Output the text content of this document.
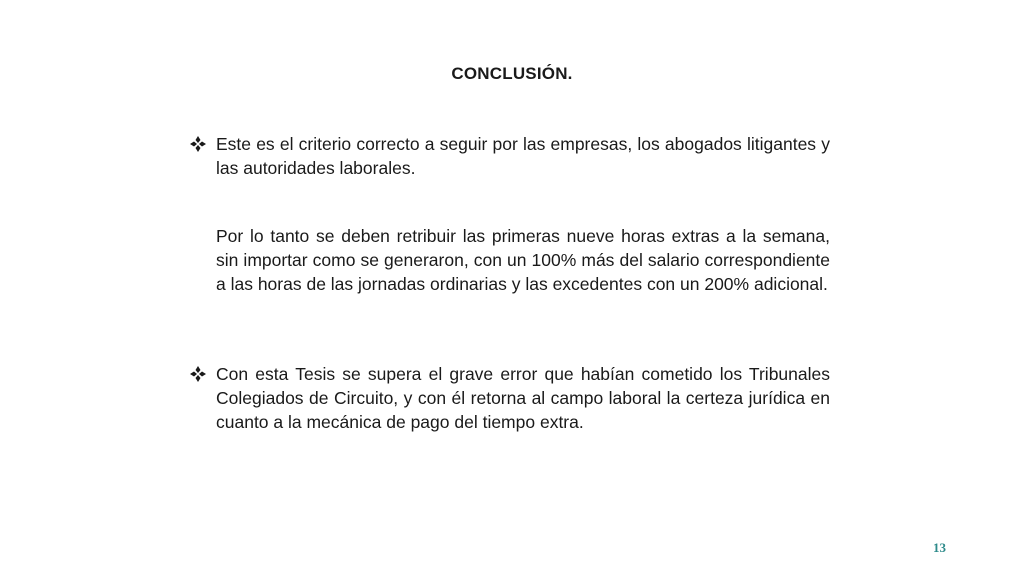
CONCLUSIÓN.
Este es el criterio correcto a seguir por las empresas, los abogados litigantes y las autoridades laborales.
Por lo tanto se deben retribuir las primeras nueve horas extras a la semana, sin importar como se generaron, con un 100% más del salario correspondiente a las horas de las jornadas ordinarias y las excedentes con un 200% adicional.
Con esta Tesis se supera el grave error que habían cometido los Tribunales Colegiados de Circuito, y con él retorna al campo laboral la certeza jurídica en cuanto a la mecánica de pago del tiempo extra.
13
